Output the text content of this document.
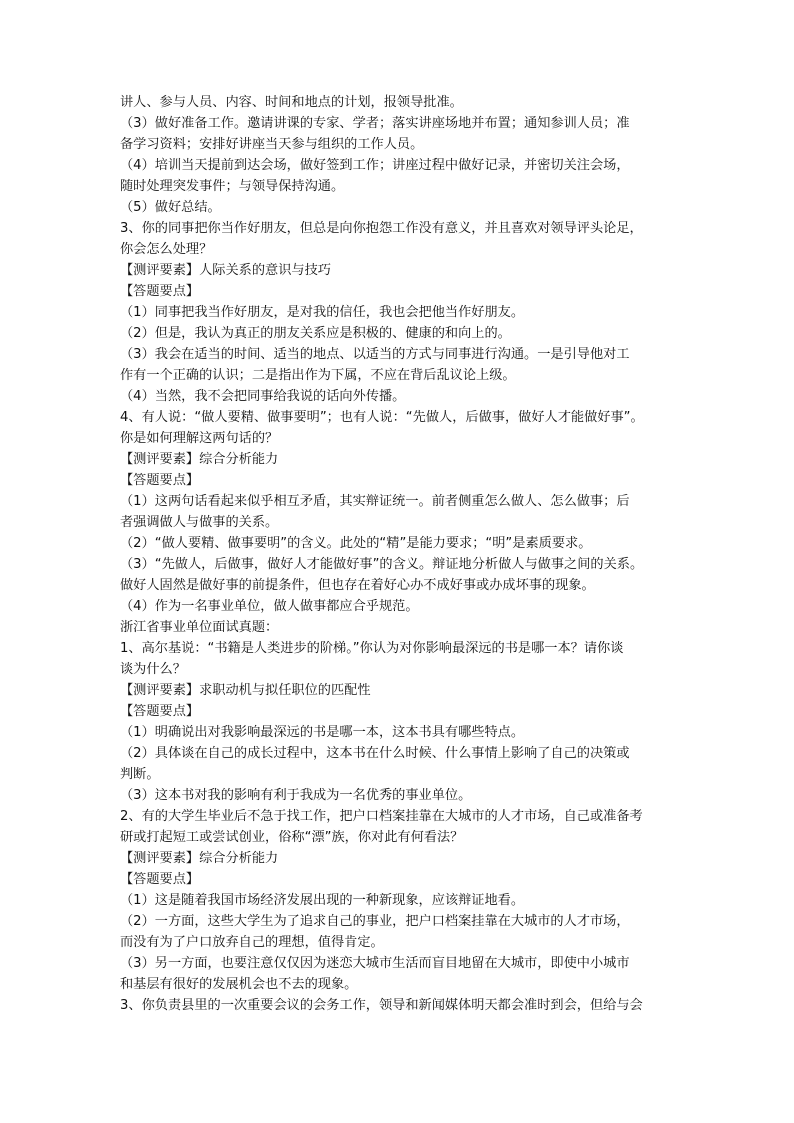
讲人、参与人员、内容、时间和地点的计划，报领导批准。
（3）做好准备工作。邀请讲课的专家、学者；落实讲座场地并布置；通知参训人员；准
备学习资料；安排好讲座当天参与组织的工作人员。
（4）培训当天提前到达会场，做好签到工作；讲座过程中做好记录，并密切关注会场，
随时处理突发事件；与领导保持沟通。
（5）做好总结。
3、你的同事把你当作好朋友，但总是向你抱怨工作没有意义，并且喜欢对领导评头论足，
你会怎么处理？
【测评要素】人际关系的意识与技巧
【答题要点】
（1）同事把我当作好朋友，是对我的信任，我也会把他当作好朋友。
（2）但是，我认为真正的朋友关系应是积极的、健康的和向上的。
（3）我会在适当的时间、适当的地点、以适当的方式与同事进行沟通。一是引导他对工
作有一个正确的认识；二是指出作为下属，不应在背后乱议论上级。
（4）当然，我不会把同事给我说的话向外传播。
4、有人说：“做人要精、做事要明”；也有人说：“先做人，后做事，做好人才能做好事”。
你是如何理解这两句话的？
【测评要素】综合分析能力
【答题要点】
（1）这两句话看起来似乎相互矛盾，其实辩证统一。前者侧重怎么做人、怎么做事；后
者强调做人与做事的关系。
（2）“做人要精、做事要明”的含义。此处的“精”是能力要求；“明”是素质要求。
（3）“先做人，后做事，做好人才能做好事”的含义。辩证地分析做人与做事之间的关系。
做好人固然是做好事的前提条件，但也存在着好心办不成好事或办成坏事的现象。
（4）作为一名事业单位，做人做事都应合乎规范。
浙江省事业单位面试真题：
1、高尔基说：“书籍是人类进步的阶梯。”你认为对你影响最深远的书是哪一本？请你谈
谈为什么？
【测评要素】求职动机与拟任职位的匹配性
【答题要点】
（1）明确说出对我影响最深远的书是哪一本，这本书具有哪些特点。
（2）具体谈在自己的成长过程中，这本书在什么时候、什么事情上影响了自己的决策或
判断。
（3）这本书对我的影响有利于我成为一名优秀的事业单位。
2、有的大学生毕业后不急于找工作，把户口档案挂靠在大城市的人才市场，自己或准备考
研或打起短工或尝试创业，俗称“漂”族，你对此有何看法？
【测评要素】综合分析能力
【答题要点】
（1）这是随着我国市场经济发展出现的一种新现象，应该辩证地看。
（2）一方面，这些大学生为了追求自己的事业，把户口档案挂靠在大城市的人才市场，
而没有为了户口放弃自己的理想，值得肯定。
（3）另一方面，也要注意仅仅因为迷恋大城市生活而盲目地留在大城市，即使中小城市
和基层有很好的发展机会也不去的现象。
3、你负责县里的一次重要会议的会务工作，领导和新闻媒体明天都会准时到会，但给与会
